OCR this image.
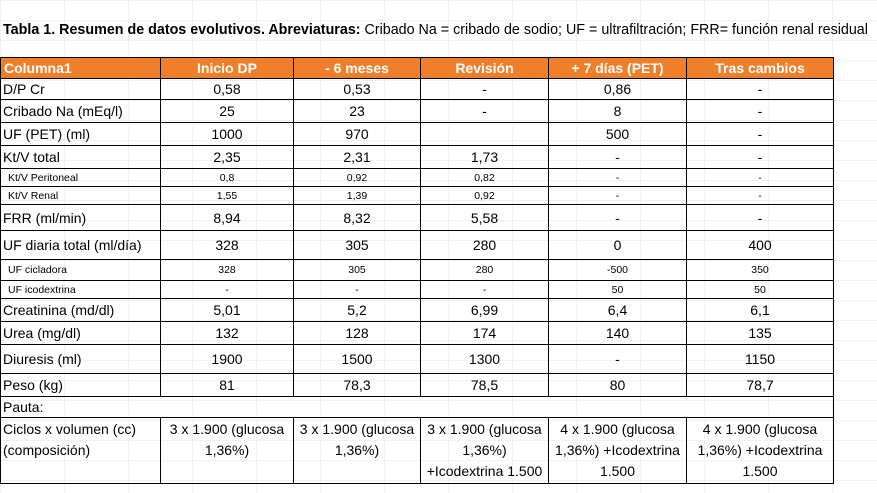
Tabla 1. Resumen de datos evolutivos. Abreviaturas: Cribado Na = cribado de sodio; UF = ultrafiltración; FRR= función renal residual
Columna1	Inicio DP	- 6 meses	Revisión	+ 7 días (PET)	Tras cambios
D/P Cr	0,58	0,53	-	0,86	-
Cribado Na (mEq/l)	25	23	-	8	-
UF (PET) (ml)	1000	970		500	-
Kt/V total	2,35	2,31	1,73	-	-
Kt/V Peritoneal	0,8	0,92	0,82	-	-
Kt/V Renal	1,55	1,39	0,92	-	-
FRR (ml/min)	8,94	8,32	5,58	-	-
UF diaria total (ml/día)	328	305	280	0	400
UF cicladora	328	305	280	-500	350
UF icodextrina	-	-	-	50	50
Creatinina (md/dl)	5,01	5,2	6,99	6,4	6,1
Urea (mg/dl)	132	128	174	140	135
Diuresis (ml)	1900	1500	1300	-	1150
Peso (kg)	81	78,3	78,5	80	78,7
Pauta:					
Ciclos x volumen (cc)
(composición)	3 x 1.900 (glucosa 1,36%)	3 x 1.900 (glucosa 1,36%)	3 x 1.900 (glucosa 1,36%) +Icodextrina 1.500	4 x 1.900 (glucosa 1,36%) +Icodextrina 1.500	4 x 1.900 (glucosa 1,36%) +Icodextrina 1.500
